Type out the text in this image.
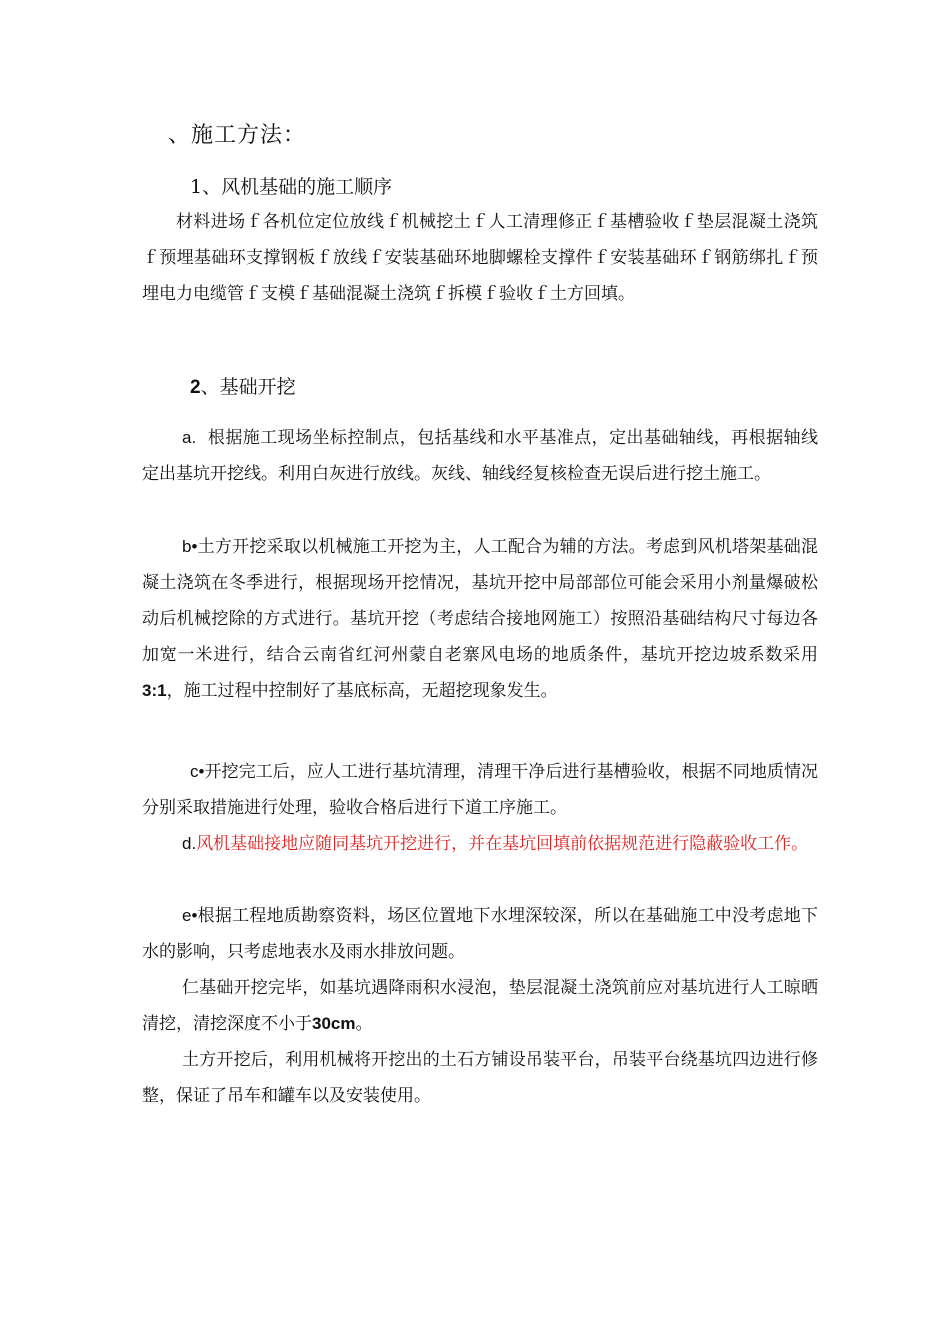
、施工方法：
1、风机基础的施工顺序
材料进场ｆ各机位定位放线ｆ机械挖土ｆ人工清理修正ｆ基槽验收ｆ垫层混凝土浇筑ｆ预埋基础环支撑钢板ｆ放线ｆ安装基础环地脚螺栓支撑件ｆ安装基础环ｆ钢筋绑扎ｆ预埋电力电缆管ｆ支模ｆ基础混凝土浇筑ｆ拆模ｆ验收ｆ土方回填。
2、基础开挖
a. 根据施工现场坐标控制点，包括基线和水平基准点，定出基础轴线，再根据轴线定出基坑开挖线。利用白灰进行放线。灰线、轴线经复核检查无误后进行挖土施工。
b•土方开挖采取以机械施工开挖为主，人工配合为辅的方法。考虑到风机塔架基础混凝土浇筑在冬季进行，根据现场开挖情况，基坑开挖中局部部位可能会采用小剂量爆破松动后机械挖除的方式进行。基坑开挖（考虑结合接地网施工）按照沿基础结构尺寸每边各加宽一米进行，结合云南省红河州蒙自老寨风电场的地质条件，基坑开挖边坡系数采用3:1，施工过程中控制好了基底标高，无超挖现象发生。
c•开挖完工后，应人工进行基坑清理，清理干净后进行基槽验收，根据不同地质情况分别采取措施进行处理，验收合格后进行下道工序施工。
d.风机基础接地应随同基坑开挖进行，并在基坑回填前依据规范进行隐蔽验收工作。
e•根据工程地质勘察资料，场区位置地下水埋深较深，所以在基础施工中没考虑地下水的影响，只考虑地表水及雨水排放问题。
仁基础开挖完毕，如基坑遇降雨积水浸泡，垫层混凝土浇筑前应对基坑进行人工晾晒清挖，清挖深度不小于30cm。
土方开挖后，利用机械将开挖出的土石方铺设吊装平台，吊装平台绕基坑四边进行修整，保证了吊车和罐车以及安装使用。
